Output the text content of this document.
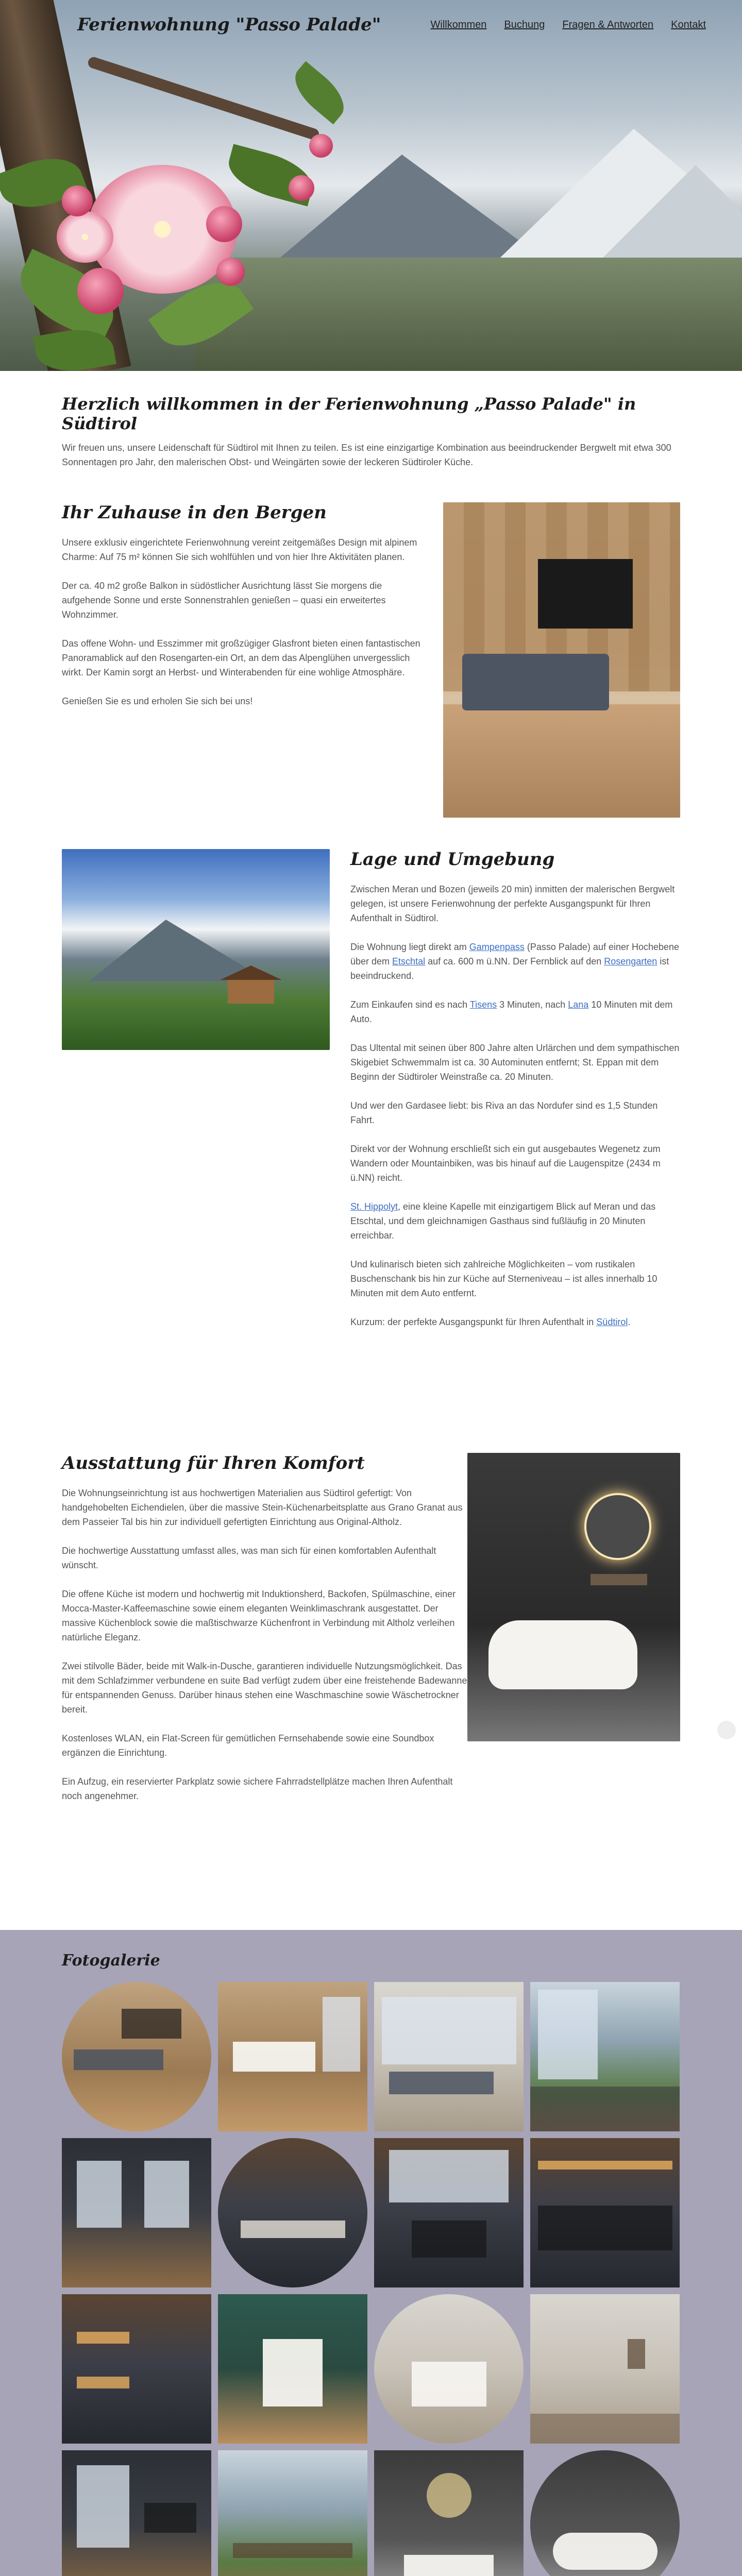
Ferienwohnung "Passo Palade"	Willkommen Buchung Fragen & Antworten Kontakt
Herzlich willkommen in der Ferienwohnung „Passo Palade" in Südtirol

Wir freuen uns, unsere Leidenschaft für Südtirol mit Ihnen zu teilen. Es ist eine einzigartige Kombination aus beeindruckender Bergwelt mit etwa 300 Sonnentagen pro Jahr, den malerischen Obst- und Weingärten sowie der leckeren Südtiroler Küche.

Ihr Zuhause in den Bergen

Unsere exklusiv eingerichtete Ferienwohnung vereint zeitgemäßes Design mit alpinem Charme: Auf 75 m² können Sie sich wohlfühlen und von hier Ihre Aktivitäten planen.

Der ca. 40 m2 große Balkon in südöstlicher Ausrichtung lässt Sie morgens die aufgehende Sonne und erste Sonnenstrahlen genießen – quasi ein erweitertes Wohnzimmer.

Das offene Wohn- und Esszimmer mit großzügiger Glasfront bieten einen fantastischen Panoramablick auf den Rosengarten-ein Ort, an dem das Alpenglühen unvergesslich wirkt. Der Kamin sorgt an Herbst- und Winterabenden für eine wohlige Atmosphäre.

Genießen Sie es und erholen Sie sich bei uns!

Lage und Umgebung

Zwischen Meran und Bozen (jeweils 20 min) inmitten der malerischen Bergwelt gelegen, ist unsere Ferienwohnung der perfekte Ausgangspunkt für Ihren Aufenthalt in Südtirol.

Die Wohnung liegt direkt am Gampenpass (Passo Palade) auf einer Hochebene über dem Etschtal auf ca. 600 m ü.NN. Der Fernblick auf den Rosengarten ist beeindruckend.

Zum Einkaufen sind es nach Tisens 3 Minuten, nach Lana 10 Minuten mit dem Auto.

Das Ultental mit seinen über 800 Jahre alten Urlärchen und dem sympathischen Skigebiet Schwemmalm ist ca. 30 Autominuten entfernt; St. Eppan mit dem Beginn der Südtiroler Weinstraße ca. 20 Minuten.

Und wer den Gardasee liebt: bis Riva an das Nordufer sind es 1,5 Stunden Fahrt.

Direkt vor der Wohnung erschließt sich ein gut ausgebautes Wegenetz zum Wandern oder Mountainbiken, was bis hinauf auf die Laugenspitze (2434 m ü.NN) reicht.

St. Hippolyt, eine kleine Kapelle mit einzigartigem Blick auf Meran und das Etschtal, und dem gleichnamigen Gasthaus sind fußläufig in 20 Minuten erreichbar.

Und kulinarisch bieten sich zahlreiche Möglichkeiten – vom rustikalen Buschenschank bis hin zur Küche auf Sterneniveau – ist alles innerhalb 10 Minuten mit dem Auto entfernt.

Kurzum: der perfekte Ausgangspunkt für Ihren Aufenthalt in Südtirol.

Ausstattung für Ihren Komfort

Die Wohnungseinrichtung ist aus hochwertigen Materialien aus Südtirol gefertigt: Von handgehobelten Eichendielen, über die massive Stein-Küchenarbeitsplatte aus Grano Granat aus dem Passeier Tal bis hin zur individuell gefertigten Einrichtung aus Original-Altholz.

Die hochwertige Ausstattung umfasst alles, was man sich für einen komfortablen Aufenthalt wünscht.

Die offene Küche ist modern und hochwertig mit Induktionsherd, Backofen, Spülmaschine, einer Mocca-Master-Kaffeemaschine sowie einem eleganten Weinklimaschrank ausgestattet. Der massive Küchenblock sowie die maßtischwarze Küchenfront in Verbindung mit Altholz verleihen natürliche Eleganz.

Zwei stilvolle Bäder, beide mit Walk-in-Dusche, garantieren individuelle Nutzungsmöglichkeit. Das mit dem Schlafzimmer verbundene en suite Bad verfügt zudem über eine freistehende Badewanne für entspannenden Genuss. Darüber hinaus stehen eine Waschmaschine sowie Wäschetrockner bereit.

Kostenloses WLAN, ein Flat-Screen für gemütlichen Fernsehabende sowie eine Soundbox ergänzen die Einrichtung.

Ein Aufzug, ein reservierter Parkplatz sowie sichere Fahrradstellplätze machen Ihren Aufenthalt noch angenehmer.

Fotogalerie
